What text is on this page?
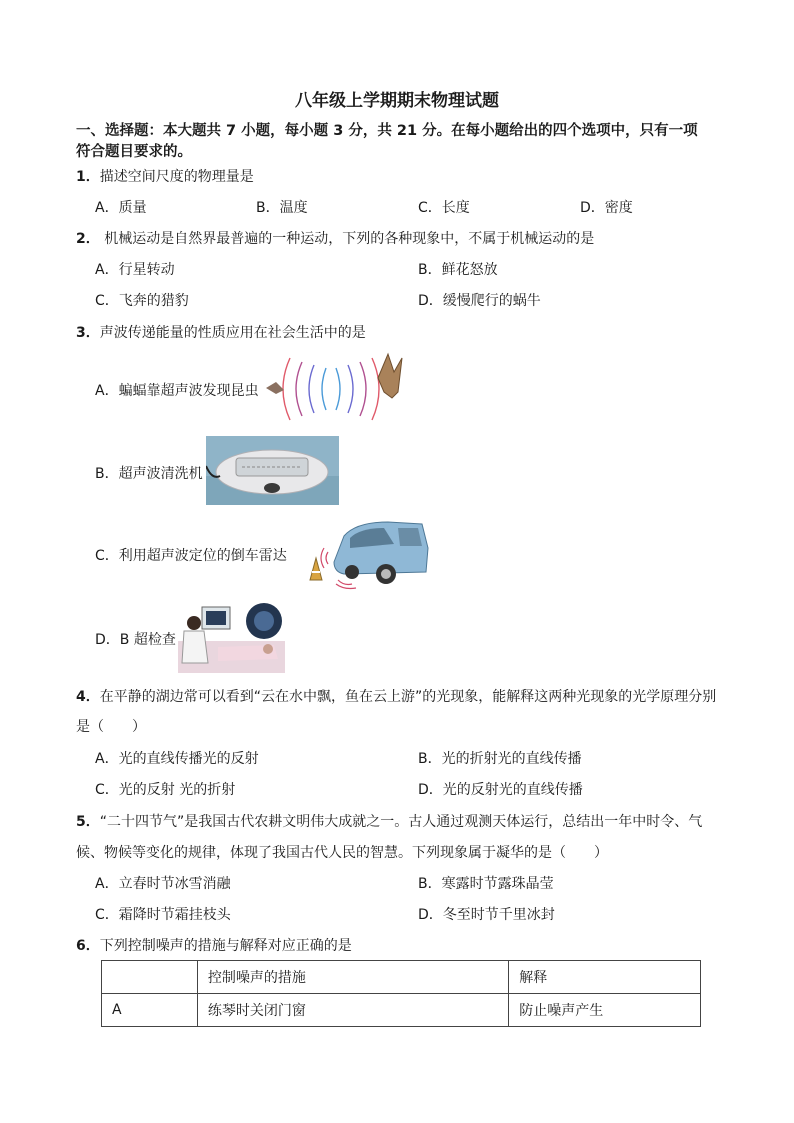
八年级上学期期末物理试题
一、选择题：本大题共 7 小题，每小题 3 分，共 21 分。在每小题给出的四个选项中，只有一项
符合题目要求的。
1．描述空间尺度的物理量是
A．质量	B．温度	C．长度	D．密度
2． 机械运动是自然界最普遍的一种运动，下列的各种现象中，不属于机械运动的是
A．行星转动	B．鲜花怒放
C．飞奔的猎豹	D．缓慢爬行的蜗牛
3．声波传递能量的性质应用在社会生活中的是
A．蝙蝠靠超声波发现昆虫
B．超声波清洗机
C．利用超声波定位的倒车雷达
D．B 超检查
4．在平静的湖边常可以看到“云在水中飘，鱼在云上游”的光现象，能解释这两种光现象的光学原理分别
是（　　）
A．光的直线传播光的反射	B．光的折射光的直线传播
C．光的反射 光的折射	D．光的反射光的直线传播
5．“二十四节气”是我国古代农耕文明伟大成就之一。古人通过观测天体运行，总结出一年中时令、气
候、物候等变化的规律，体现了我国古代人民的智慧。下列现象属于凝华的是（　　）
A．立春时节冰雪消融	B．寒露时节露珠晶莹
C．霜降时节霜挂枝头	D．冬至时节千里冰封
6．下列控制噪声的措施与解释对应正确的是
	控制噪声的措施	解释
A	练琴时关闭门窗	防止噪声产生
